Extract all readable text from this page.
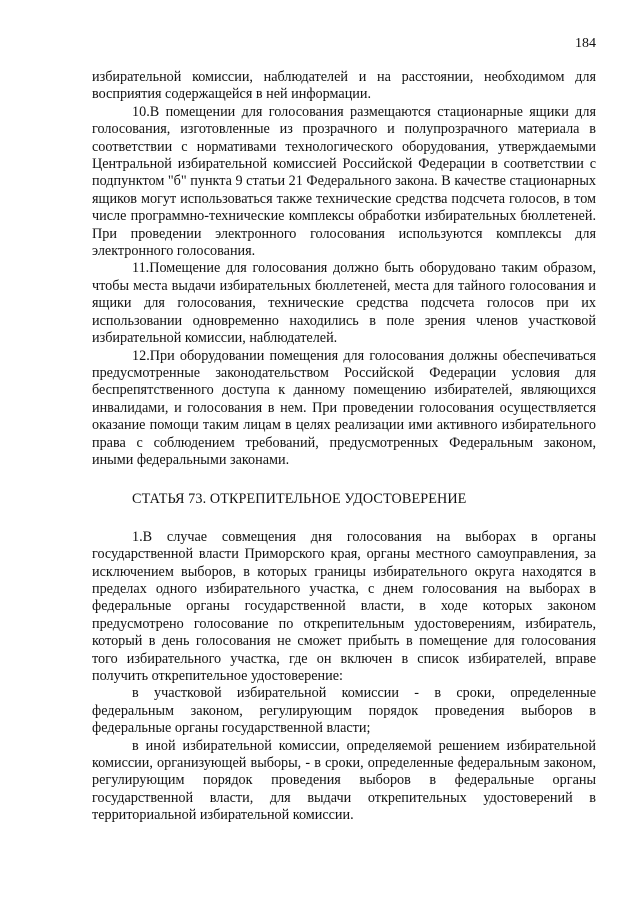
184

избирательной комиссии, наблюдателей и на расстоянии, необходимом для восприятия содержащейся в ней информации.

10.В помещении для голосования размещаются стационарные ящики для голосования, изготовленные из прозрачного и полупрозрачного материала в соответствии с нормативами технологического оборудования, утверждаемыми Центральной избирательной комиссией Российской Федерации в соответствии с подпунктом "б" пункта 9 статьи 21 Федерального закона. В качестве стационарных ящиков могут использоваться также технические средства подсчета голосов, в том числе программно-технические комплексы обработки избирательных бюллетеней. При проведении электронного голосования используются комплексы для электронного голосования.

11.Помещение для голосования должно быть оборудовано таким образом, чтобы места выдачи избирательных бюллетеней, места для тайного голосования и ящики для голосования, технические средства подсчета голосов при их использовании одновременно находились в поле зрения членов участковой избирательной комиссии, наблюдателей.

12.При оборудовании помещения для голосования должны обеспечиваться предусмотренные законодательством Российской Федерации условия для беспрепятственного доступа к данному помещению избирателей, являющихся инвалидами, и голосования в нем. При проведении голосования осуществляется оказание помощи таким лицам в целях реализации ими активного избирательного права с соблюдением требований, предусмотренных Федеральным законом, иными федеральными законами.

СТАТЬЯ 73. ОТКРЕПИТЕЛЬНОЕ УДОСТОВЕРЕНИЕ

1.В случае совмещения дня голосования на выборах в органы государственной власти Приморского края, органы местного самоуправления, за исключением выборов, в которых границы избирательного округа находятся в пределах одного избирательного участка, с днем голосования на выборах в федеральные органы государственной власти, в ходе которых законом предусмотрено голосование по открепительным удостоверениям, избиратель, который в день голосования не сможет прибыть в помещение для голосования того избирательного участка, где он включен в список избирателей, вправе получить открепительное удостоверение:

в участковой избирательной комиссии - в сроки, определенные федеральным законом, регулирующим порядок проведения выборов в федеральные органы государственной власти;

в иной избирательной комиссии, определяемой решением избирательной комиссии, организующей выборы, - в сроки, определенные федеральным законом, регулирующим порядок проведения выборов в федеральные органы государственной власти, для выдачи открепительных удостоверений в территориальной избирательной комиссии.
